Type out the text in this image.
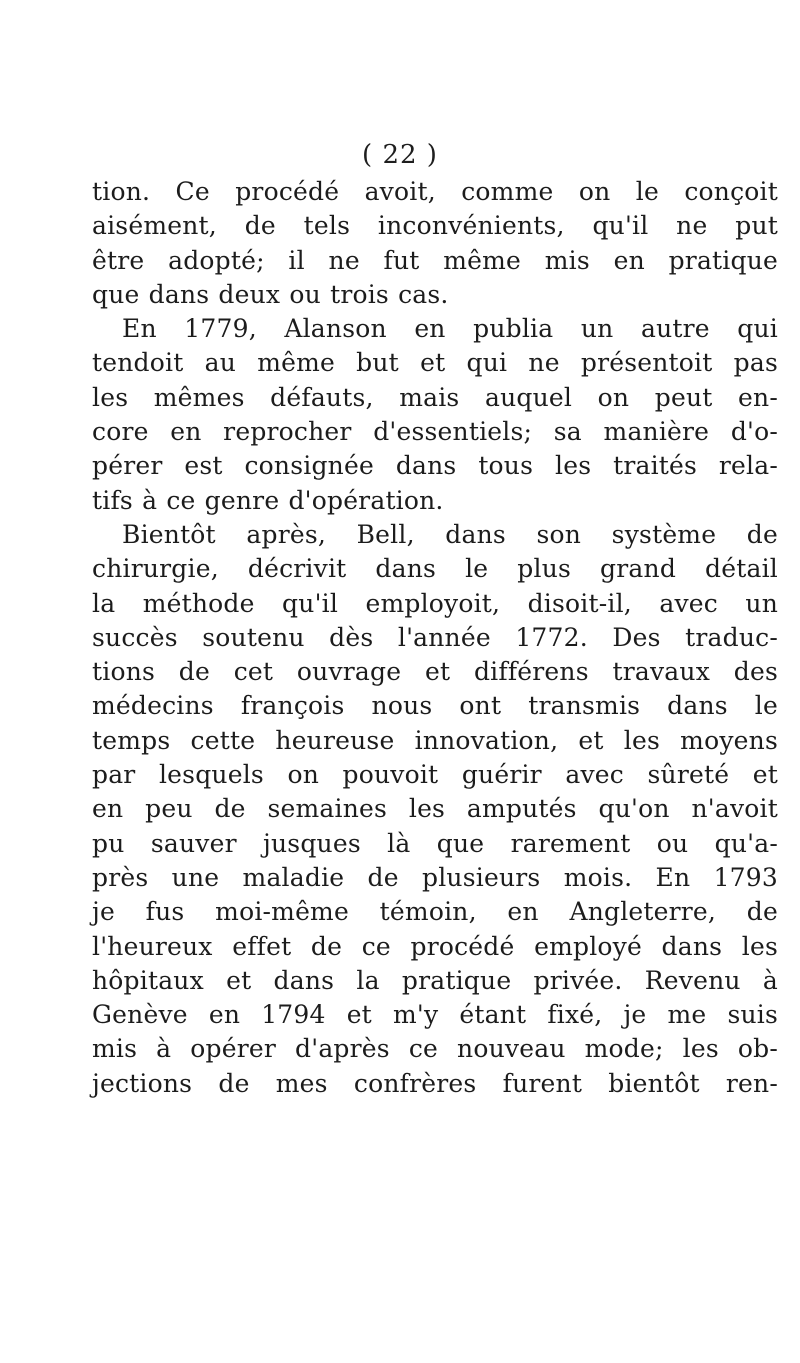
( 22 )
tion. Ce procédé avoit, comme on le conçoit
aisément, de tels inconvénients, qu'il ne put
être adopté; il ne fut même mis en pratique
que dans deux ou trois cas.
En 1779, Alanson en publia un autre qui
tendoit au même but et qui ne présentoit pas
les mêmes défauts, mais auquel on peut en-
core en reprocher d'essentiels; sa manière d'o-
pérer est consignée dans tous les traités rela-
tifs à ce genre d'opération.
Bientôt après, Bell, dans son système de
chirurgie, décrivit dans le plus grand détail
la méthode qu'il employoit, disoit-il, avec un
succès soutenu dès l'année 1772. Des traduc-
tions de cet ouvrage et différens travaux des
médecins françois nous ont transmis dans le
temps cette heureuse innovation, et les moyens
par lesquels on pouvoit guérir avec sûreté et
en peu de semaines les amputés qu'on n'avoit
pu sauver jusques là que rarement ou qu'a-
près une maladie de plusieurs mois. En 1793
je fus moi-même témoin, en Angleterre, de
l'heureux effet de ce procédé employé dans les
hôpitaux et dans la pratique privée. Revenu à
Genève en 1794 et m'y étant fixé, je me suis
mis à opérer d'après ce nouveau mode; les ob-
jections de mes confrères furent bientôt ren-
